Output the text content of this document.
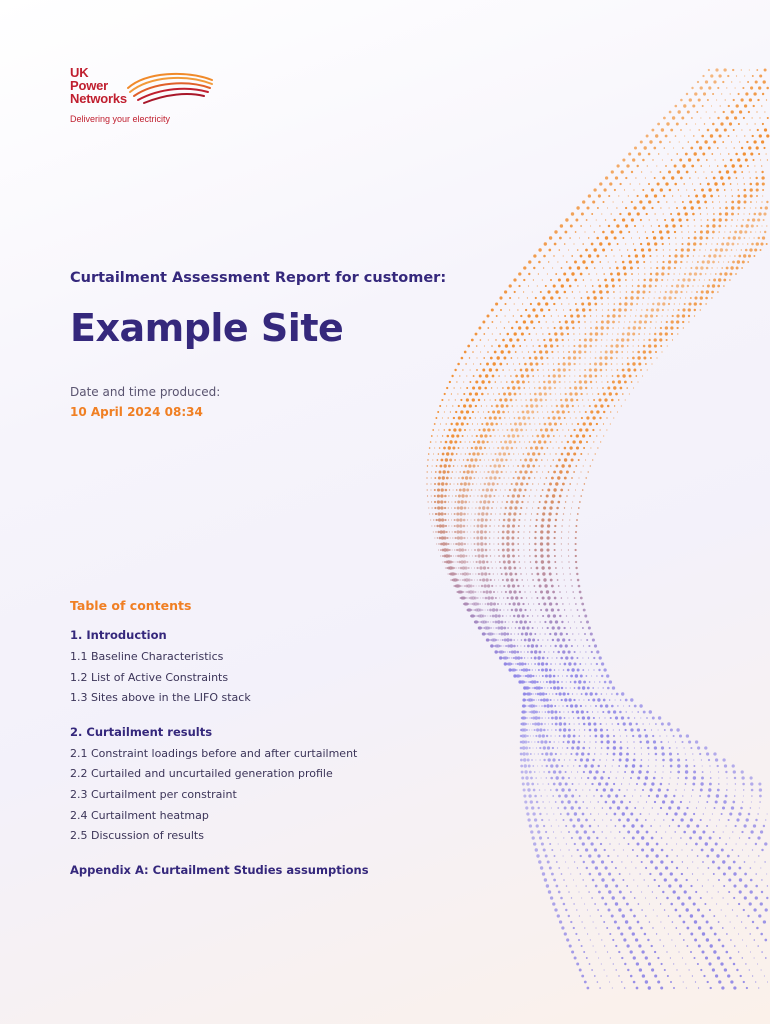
UK
Power
Networks
Delivering your electricity
Curtailment Assessment Report for customer:
Example Site
Date and time produced:
10 April 2024 08:34
Table of contents
1. Introduction
1.1 Baseline Characteristics
1.2 List of Active Constraints
1.3 Sites above in the LIFO stack
2. Curtailment results
2.1 Constraint loadings before and after curtailment
2.2 Curtailed and uncurtailed generation profile
2.3 Curtailment per constraint
2.4 Curtailment heatmap
2.5 Discussion of results
Appendix A: Curtailment Studies assumptions
